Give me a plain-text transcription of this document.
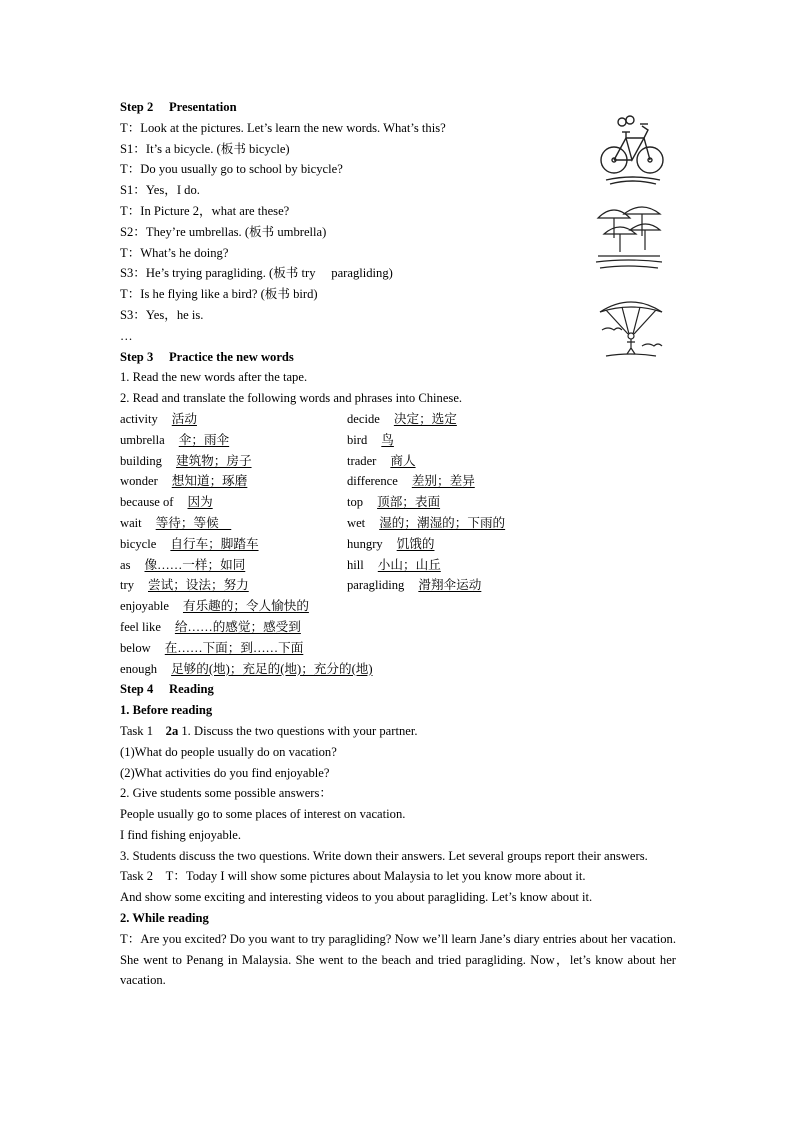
Step 2　 Presentation
T：Look at the pictures. Let’s learn the new words. What’s this?
S1：It’s a bicycle. (板书 bicycle)
T：Do you usually go to school by bicycle?
S1：Yes，I do.
T：In Picture 2，what are these?
S2：They’re umbrellas. (板书 umbrella)
T：What’s he doing?
S3：He’s trying paragliding. (板书 try　 paragliding)
T：Is he flying like a bird? (板书 bird)
S3：Yes，he is.
…
Step 3　 Practice the new words
1. Read the new words after the tape.
2. Read and translate the following words and phrases into Chinese.
activity 活动	decide 决定；选定
umbrella 伞；雨伞	bird 鸟
building 建筑物；房子	trader 商人
wonder 想知道；琢磨	difference 差别；差异
because of 因为	top 顶部；表面
wait 等待；等候　	wet 湿的；潮湿的；下雨的
bicycle 自行车；脚踏车	hungry 饥饿的
as 像……一样；如同	hill 小山；山丘
try 尝试；设法；努力	paragliding 滑翔伞运动
enjoyable 有乐趣的；令人愉快的
feel like 给……的感觉；感受到
below 在……下面；到……下面
enough 足够的(地)；充足的(地)；充分的(地)
Step 4　 Reading
1. Before reading
Task 1　2a 1. Discuss the two questions with your partner.
(1)What do people usually do on vacation?
(2)What activities do you find enjoyable?
2. Give students some possible answers：
People usually go to some places of interest on vacation.
I find fishing enjoyable.
3. Students discuss the two questions. Write down their answers. Let several groups report their answers.
Task 2　T：Today I will show some pictures about Malaysia to let you know more about it.
And show some exciting and interesting videos to you about paragliding. Let’s know about it.
2. While reading
T：Are you excited? Do you want to try paragliding? Now we’ll learn Jane’s diary entries about her vacation. She went to Penang in Malaysia. She went to the beach and tried paragliding. Now，let’s know about her vacation.
